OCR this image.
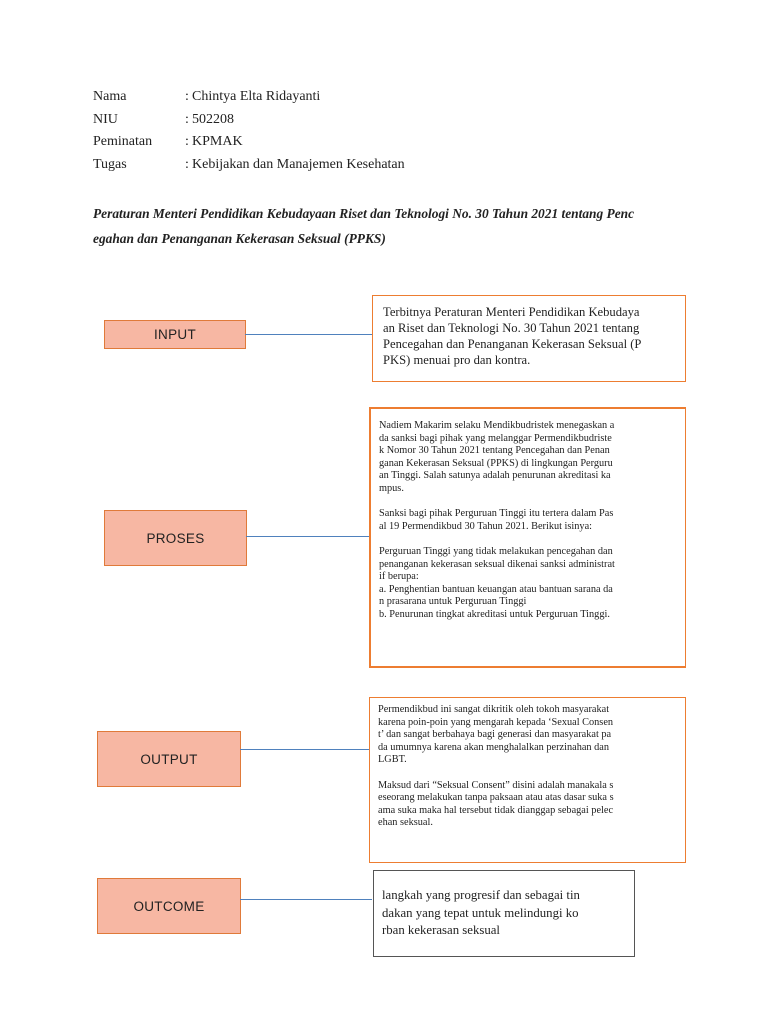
Nama	: Chintya Elta Ridayanti
NIU	: 502208
Peminatan	: KPMAK
Tugas	: Kebijakan dan Manajemen Kesehatan
Peraturan Menteri Pendidikan Kebudayaan Riset dan Teknologi No. 30 Tahun 2021 tentang Penc
egahan dan Penanganan Kekerasan Seksual (PPKS)
INPUT
Terbitnya Peraturan Menteri Pendidikan Kebudaya
an Riset dan Teknologi No. 30 Tahun 2021 tentang
Pencegahan dan Penanganan Kekerasan Seksual (P
PKS) menuai pro dan kontra.
PROSES
Nadiem Makarim selaku Mendikbudristek menegaskan a
da sanksi bagi pihak yang melanggar Permendikbudriste
k Nomor 30 Tahun 2021 tentang Pencegahan dan Penan
ganan Kekerasan Seksual (PPKS) di lingkungan Perguru
an Tinggi. Salah satunya adalah penurunan akreditasi ka
mpus.
Sanksi bagi pihak Perguruan Tinggi itu tertera dalam Pas
al 19 Permendikbud 30 Tahun 2021. Berikut isinya:
Perguruan Tinggi yang tidak melakukan pencegahan dan
penanganan kekerasan seksual dikenai sanksi administrat
if berupa:
a. Penghentian bantuan keuangan atau bantuan sarana da
n prasarana untuk Perguruan Tinggi
b. Penurunan tingkat akreditasi untuk Perguruan Tinggi.
OUTPUT
Permendikbud ini sangat dikritik oleh tokoh masyarakat
karena poin-poin yang mengarah kepada ‘Sexual Consen
t’ dan sangat berbahaya bagi generasi dan masyarakat pa
da umumnya karena akan menghalalkan perzinahan dan
LGBT.
Maksud dari “Seksual Consent” disini adalah manakala s
eseorang melakukan tanpa paksaan atau atas dasar suka s
ama suka maka hal tersebut tidak dianggap sebagai pelec
ehan seksual.
OUTCOME
langkah yang progresif dan sebagai tin
dakan yang tepat untuk melindungi ko
rban kekerasan seksual
